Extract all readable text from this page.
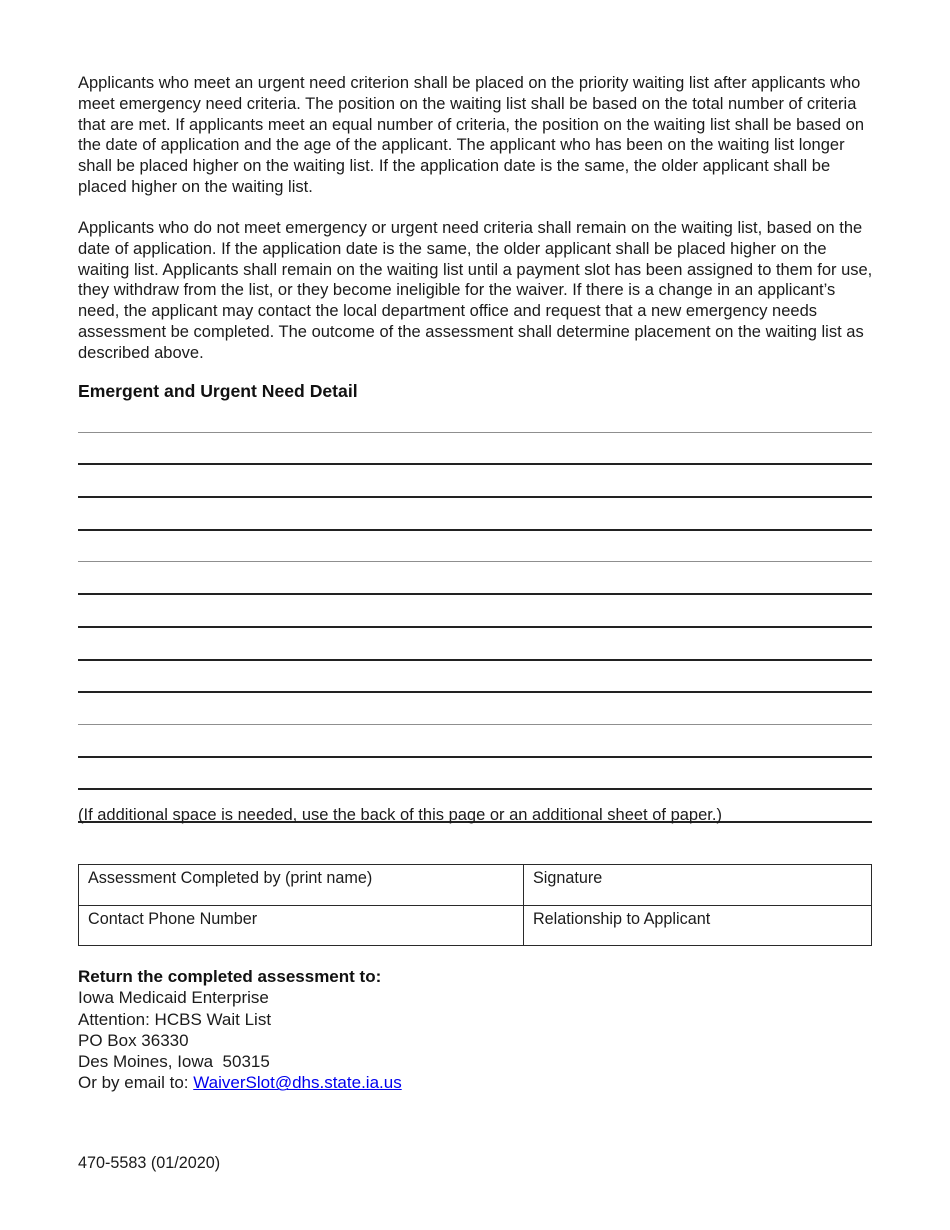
Applicants who meet an urgent need criterion shall be placed on the priority waiting list after applicants who meet emergency need criteria. The position on the waiting list shall be based on the total number of criteria that are met. If applicants meet an equal number of criteria, the position on the waiting list shall be based on the date of application and the age of the applicant. The applicant who has been on the waiting list longer shall be placed higher on the waiting list. If the application date is the same, the older applicant shall be placed higher on the waiting list.

Applicants who do not meet emergency or urgent need criteria shall remain on the waiting list, based on the date of application. If the application date is the same, the older applicant shall be placed higher on the waiting list. Applicants shall remain on the waiting list until a payment slot has been assigned to them for use, they withdraw from the list, or they become ineligible for the waiver. If there is a change in an applicant’s need, the applicant may contact the local department office and request that a new emergency needs assessment be completed. The outcome of the assessment shall determine placement on the waiting list as described above.

Emergent and Urgent Need Detail

(If additional space is needed, use the back of this page or an additional sheet of paper.)

Assessment Completed by (print name)	Signature
Contact Phone Number	Relationship to Applicant

Return the completed assessment to:

Iowa Medicaid Enterprise

Attention: HCBS Wait List

PO Box 36330

Des Moines, Iowa  50315

Or by email to: WaiverSlot@dhs.state.ia.us

470-5583 (01/2020)
